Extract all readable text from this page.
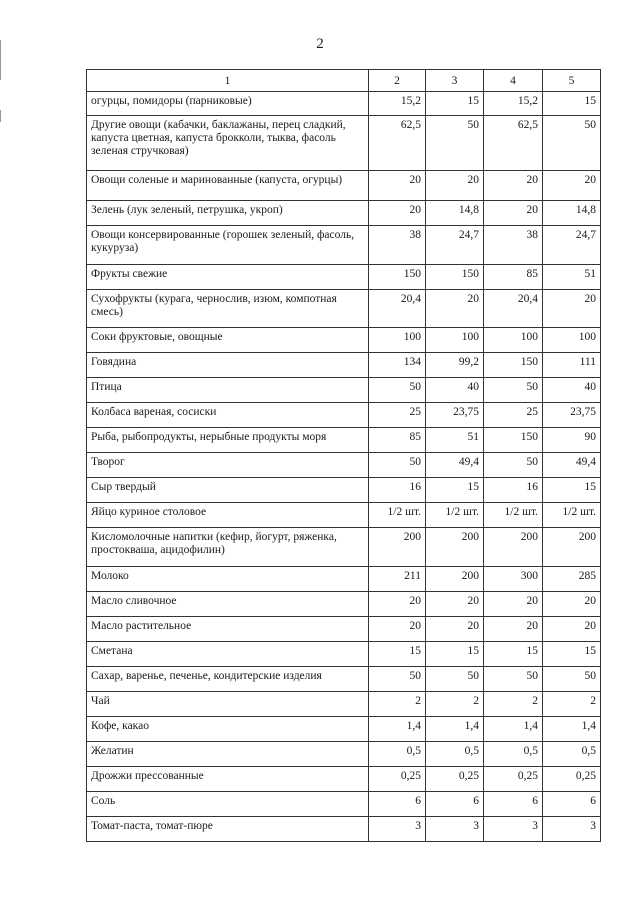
2
1	2	3	4	5
огурцы, помидоры (парниковые)	15,2	15	15,2	15
Другие овощи (кабачки, баклажаны, перец сладкий, капуста цветная, капуста брокколи, тыква, фасоль зеленая стручковая)	62,5	50	62,5	50
Овощи соленые и маринованные (капуста, огурцы)	20	20	20	20
Зелень (лук зеленый, петрушка, укроп)	20	14,8	20	14,8
Овощи консервированные (горошек зеленый, фасоль, кукуруза)	38	24,7	38	24,7
Фрукты свежие	150	150	85	51
Сухофрукты (курага, чернослив, изюм, компотная смесь)	20,4	20	20,4	20
Соки фруктовые, овощные	100	100	100	100
Говядина	134	99,2	150	111
Птица	50	40	50	40
Колбаса вареная, сосиски	25	23,75	25	23,75
Рыба, рыбопродукты, нерыбные продукты моря	85	51	150	90
Творог	50	49,4	50	49,4
Сыр твердый	16	15	16	15
Яйцо куриное столовое	1/2 шт.	1/2 шт.	1/2 шт.	1/2 шт.
Кисломолочные напитки (кефир, йогурт, ряженка, простокваша, ацидофилин)	200	200	200	200
Молоко	211	200	300	285
Масло сливочное	20	20	20	20
Масло растительное	20	20	20	20
Сметана	15	15	15	15
Сахар, варенье, печенье, кондитерские изделия	50	50	50	50
Чай	2	2	2	2
Кофе, какао	1,4	1,4	1,4	1,4
Желатин	0,5	0,5	0,5	0,5
Дрожжи прессованные	0,25	0,25	0,25	0,25
Соль	6	6	6	6
Томат-паста, томат-пюре	3	3	3	3
